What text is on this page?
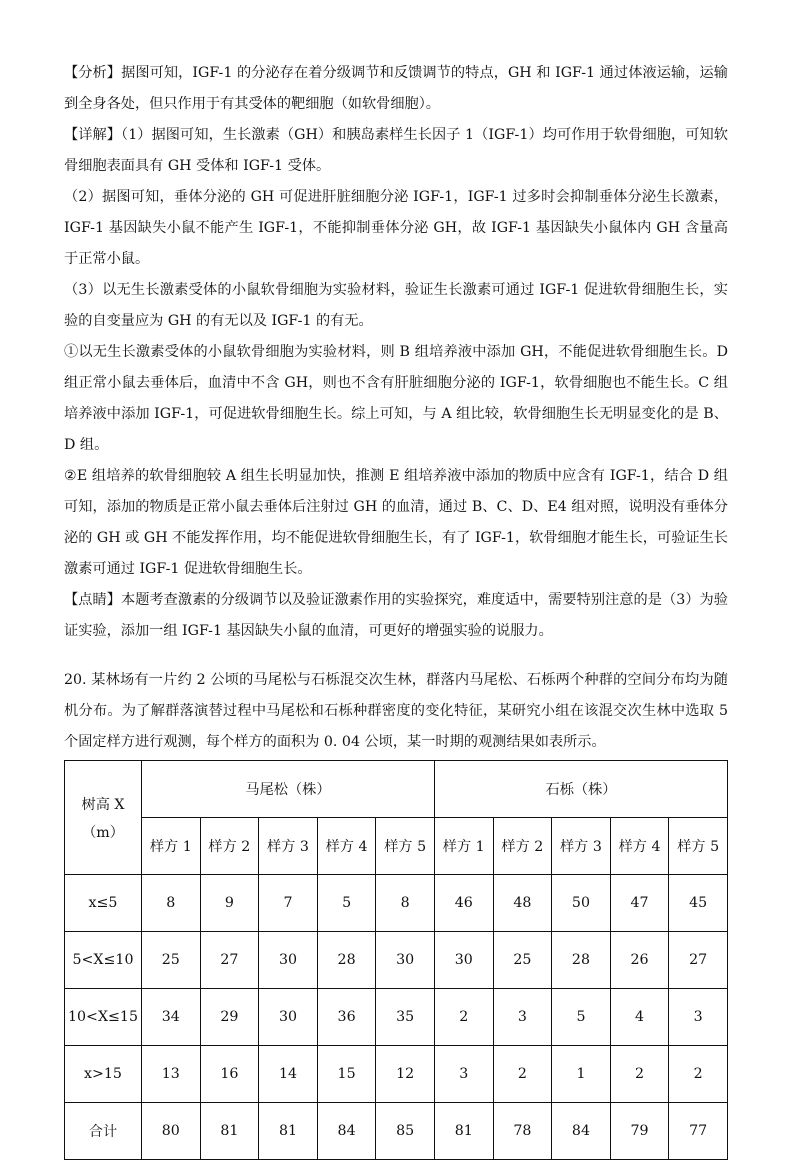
【分析】据图可知，IGF-1 的分泌存在着分级调节和反馈调节的特点，GH 和 IGF-1 通过体液运输，运输到全身各处，但只作用于有其受体的靶细胞（如软骨细胞）。

【详解】（1）据图可知，生长激素（GH）和胰岛素样生长因子 1（IGF-1）均可作用于软骨细胞，可知软骨细胞表面具有 GH 受体和 IGF-1 受体。

（2）据图可知，垂体分泌的 GH 可促进肝脏细胞分泌 IGF-1，IGF-1 过多时会抑制垂体分泌生长激素，IGF-1 基因缺失小鼠不能产生 IGF-1，不能抑制垂体分泌 GH，故 IGF-1 基因缺失小鼠体内 GH 含量高于正常小鼠。

（3）以无生长激素受体的小鼠软骨细胞为实验材料，验证生长激素可通过 IGF-1 促进软骨细胞生长，实验的自变量应为 GH 的有无以及 IGF-1 的有无。

①以无生长激素受体的小鼠软骨细胞为实验材料，则 B 组培养液中添加 GH，不能促进软骨细胞生长。D 组正常小鼠去垂体后，血清中不含 GH，则也不含有肝脏细胞分泌的 IGF-1，软骨细胞也不能生长。C 组培养液中添加 IGF-1，可促进软骨细胞生长。综上可知，与 A 组比较，软骨细胞生长无明显变化的是 B、D 组。

②E 组培养的软骨细胞较 A 组生长明显加快，推测 E 组培养液中添加的物质中应含有 IGF-1，结合 D 组可知，添加的物质是正常小鼠去垂体后注射过 GH 的血清，通过 B、C、D、E4 组对照，说明没有垂体分泌的 GH 或 GH 不能发挥作用，均不能促进软骨细胞生长，有了 IGF-1，软骨细胞才能生长，可验证生长激素可通过 IGF-1 促进软骨细胞生长。

【点睛】本题考查激素的分级调节以及验证激素作用的实验探究，难度适中，需要特别注意的是（3）为验证实验，添加一组 IGF-1 基因缺失小鼠的血清，可更好的增强实验的说服力。

20. 某林场有一片约 2 公顷的马尾松与石栎混交次生林，群落内马尾松、石栎两个种群的空间分布均为随机分布。为了解群落演替过程中马尾松和石栎种群密度的变化特征，某研究小组在该混交次生林中选取 5 个固定样方进行观测，每个样方的面积为 0. 04 公顷，某一时期的观测结果如表所示。

树高 X
（m）	马尾松（株）					石栎（株）				
	样方 1	样方 2	样方 3	样方 4	样方 5	样方 1	样方 2	样方 3	样方 4	样方 5
x≤5	8	9	7	5	8	46	48	50	47	45
5<X≤10	25	27	30	28	30	30	25	28	26	27
10<X≤15	34	29	30	36	35	2	3	5	4	3
x>15	13	16	14	15	12	3	2	1	2	2
合计	80	81	81	84	85	81	78	84	79	77
